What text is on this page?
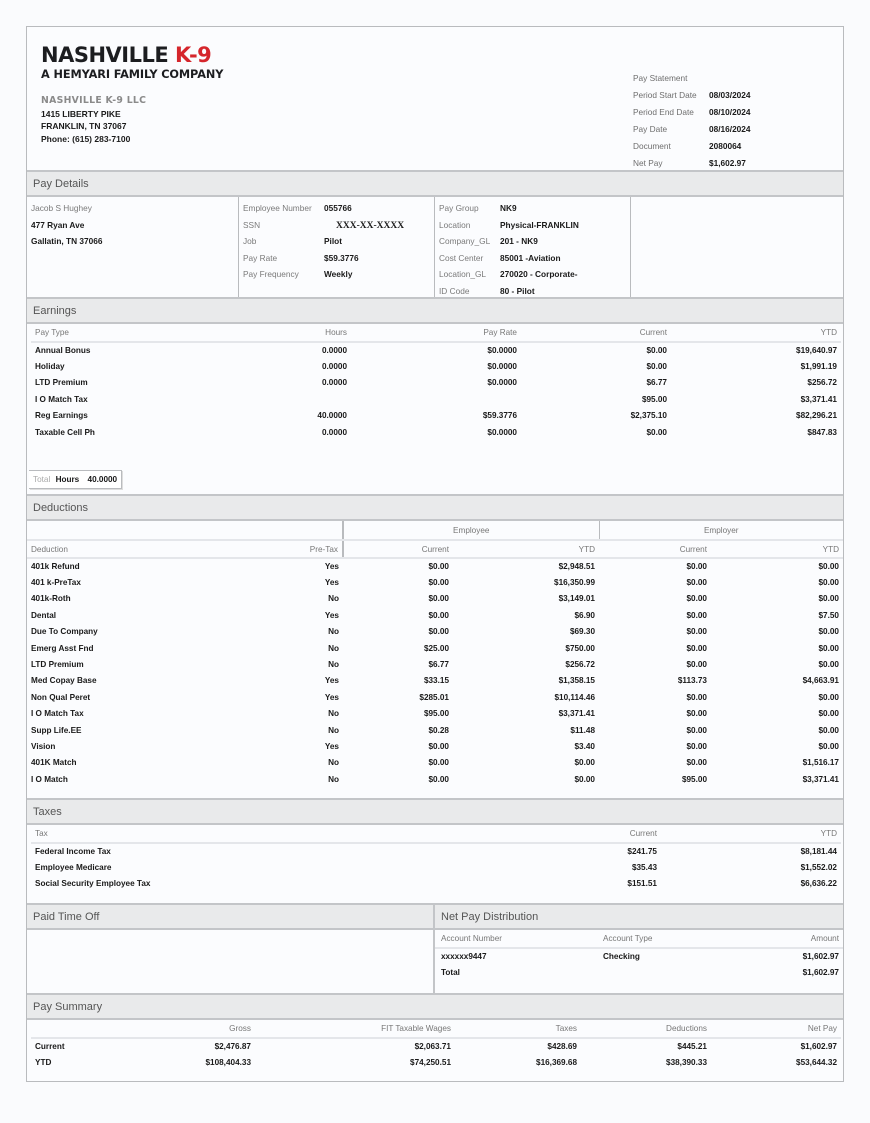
NASHVILLE K-9
A HEMYARI FAMILY COMPANY
NASHVILLE K-9 LLC
1415 LIBERTY PIKE
FRANKLIN, TN 37067
Phone: (615) 283-7100
Pay Statement
Period Start Date	08/03/2024
Period End Date	08/10/2024
Pay Date	08/16/2024
Document	2080064
Net Pay	$1,602.97
Pay Details
Jacob S Hughey
477 Ryan Ave
Gallatin, TN 37066
Employee Number 055766
SSN	XXX-XX-XXXX
Job	Pilot
Pay Rate	$59.3776
Pay Frequency	Weekly
Pay Group	NK9
Location	Physical-FRANKLIN
Company_GL 201 - NK9
Cost Center 85001 -Aviation
Location_GL 270020 - Corporate-
ID Code	80 - Pilot
Earnings
Pay Type	Hours	Pay Rate	Current	YTD
Annual Bonus	0.0000	$0.0000	$0.00	$19,640.97
Holiday	0.0000	$0.0000	$0.00	$1,991.19
LTD Premium	0.0000	$0.0000	$6.77	$256.72
I O Match Tax			$95.00	$3,371.41
Reg Earnings	40.0000	$59.3776	$2,375.10	$82,296.21
Taxable Cell Ph	0.0000	$0.0000	$0.00	$847.83
Total Hours 40.0000
Deductions
		Employee		Employer	
Deduction	Pre-Tax	Current	YTD	Current	YTD
401k Refund	Yes	$0.00	$2,948.51	$0.00	$0.00
401 k-PreTax	Yes	$0.00	$16,350.99	$0.00	$0.00
401k-Roth	No	$0.00	$3,149.01	$0.00	$0.00
Dental	Yes	$0.00	$6.90	$0.00	$7.50
Due To Company	No	$0.00	$69.30	$0.00	$0.00
Emerg Asst Fnd	No	$25.00	$750.00	$0.00	$0.00
LTD Premium	No	$6.77	$256.72	$0.00	$0.00
Med Copay Base	Yes	$33.15	$1,358.15	$113.73	$4,663.91
Non Qual Peret	Yes	$285.01	$10,114.46	$0.00	$0.00
I O Match Tax	No	$95.00	$3,371.41	$0.00	$0.00
Supp Life.EE	No	$0.28	$11.48	$0.00	$0.00
Vision	Yes	$0.00	$3.40	$0.00	$0.00
401K Match	No	$0.00	$0.00	$0.00	$1,516.17
I O Match	No	$0.00	$0.00	$95.00	$3,371.41
Taxes
Tax	Current	YTD
Federal Income Tax	$241.75	$8,181.44
Employee Medicare	$35.43	$1,552.02
Social Security Employee Tax	$151.51	$6,636.22
Paid Time Off	Net Pay Distribution
Account Number	Account Type	Amount
xxxxxx9447	Checking	$1,602.97
Total		$1,602.97
Pay Summary
	Gross	FIT Taxable Wages	Taxes	Deductions	Net Pay
Current	$2,476.87	$2,063.71	$428.69	$445.21	$1,602.97
YTD	$108,404.33	$74,250.51	$16,369.68	$38,390.33	$53,644.32
